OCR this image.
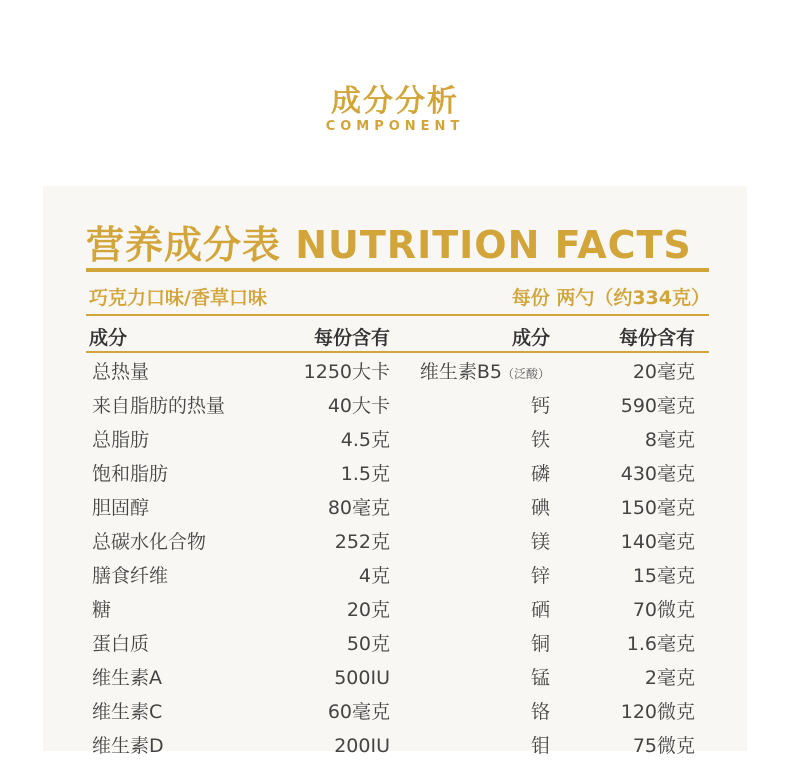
成分分析
COMPONENT
营养成分表 NUTRITION FACTS
巧克力口味/香草口味	每份 两勺（约334克）
成分	每份含有	成分	每份含有
总热量	1250大卡 维生素B5（泛酸）	20毫克
来自脂肪的热量	40大卡	钙	590毫克
总脂肪	4.5克	铁	8毫克
饱和脂肪	1.5克	磷	430毫克
胆固醇	80毫克	碘	150毫克
总碳水化合物	252克	镁	140毫克
膳食纤维	4克	锌	15毫克
糖	20克	硒	70微克
蛋白质	50克	铜	1.6毫克
维生素A	500IU	锰	2毫克
维生素C	60毫克	铬	120微克
维生素D	200IU	钼	75微克
